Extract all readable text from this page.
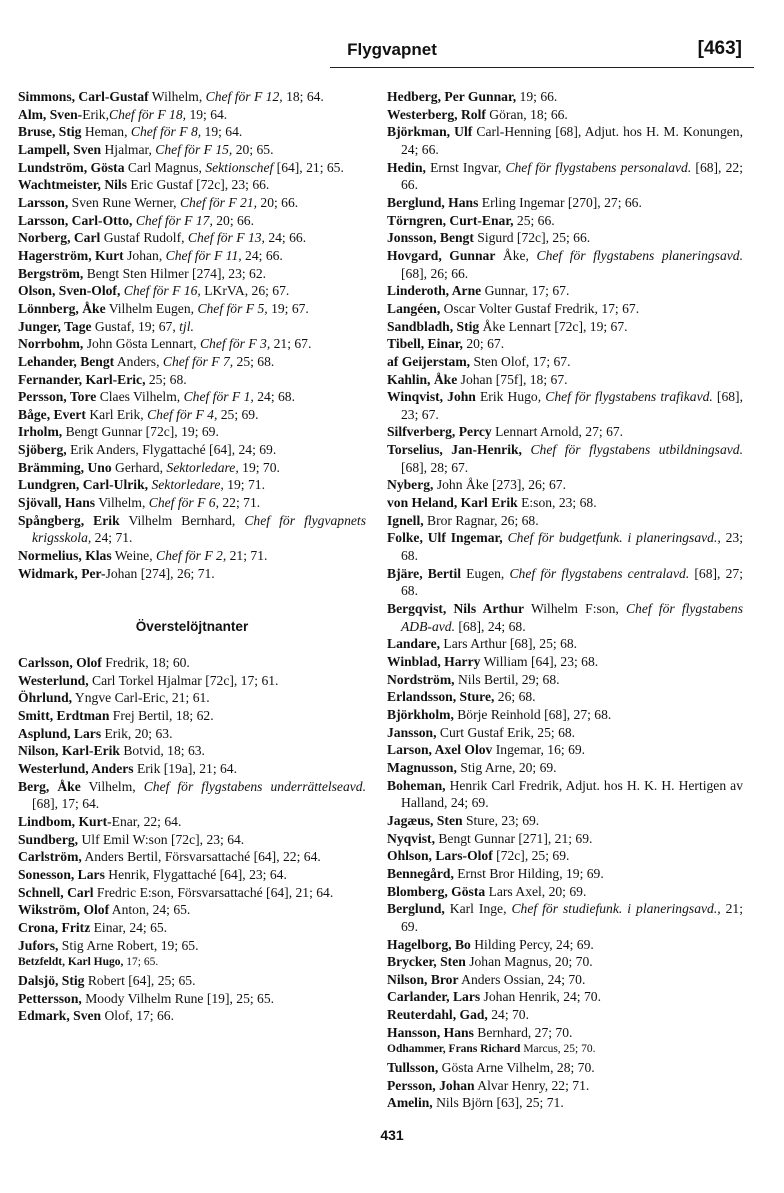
Flygvapnet	[463]
Simmons, Carl-Gustaf Wilhelm, Chef för F 12, 18; 64.
Alm, Sven-Erik,Chef för F 18, 19; 64.
Bruse, Stig Heman, Chef för F 8, 19; 64.
Lampell, Sven Hjalmar, Chef för F 15, 20; 65.
Lundström, Gösta Carl Magnus, Sektionschef [64], 21; 65.
Wachtmeister, Nils Eric Gustaf [72c], 23; 66.
Larsson, Sven Rune Werner, Chef för F 21, 20; 66.
Larsson, Carl-Otto, Chef för F 17, 20; 66.
Norberg, Carl Gustaf Rudolf, Chef för F 13, 24; 66.
Hagerström, Kurt Johan, Chef för F 11, 24; 66.
Bergström, Bengt Sten Hilmer [274], 23; 62.
Olson, Sven-Olof, Chef för F 16, LKrVA, 26; 67.
Lönnberg, Åke Vilhelm Eugen, Chef för F 5, 19; 67.
Junger, Tage Gustaf, 19; 67, tjl.
Norrbohm, John Gösta Lennart, Chef för F 3, 21; 67.
Lehander, Bengt Anders, Chef för F 7, 25; 68.
Fernander, Karl-Eric, 25; 68.
Persson, Tore Claes Vilhelm, Chef för F 1, 24; 68.
Båge, Evert Karl Erik, Chef för F 4, 25; 69.
Irholm, Bengt Gunnar [72c], 19; 69.
Sjöberg, Erik Anders, Flygattaché [64], 24; 69.
Brämming, Uno Gerhard, Sektorledare, 19; 70.
Lundgren, Carl-Ulrik, Sektorledare, 19; 71.
Sjövall, Hans Vilhelm, Chef för F 6, 22; 71.
Spångberg, Erik Vilhelm Bernhard, Chef för flygvapnets krigsskola, 24; 71.
Normelius, Klas Weine, Chef för F 2, 21; 71.
Widmark, Per-Johan [274], 26; 71.
Överstelöjtnanter
Carlsson, Olof Fredrik, 18; 60.
Westerlund, Carl Torkel Hjalmar [72c], 17; 61.
Öhrlund, Yngve Carl-Eric, 21; 61.
Smitt, Erdtman Frej Bertil, 18; 62.
Asplund, Lars Erik, 20; 63.
Nilson, Karl-Erik Botvid, 18; 63.
Westerlund, Anders Erik [19a], 21; 64.
Berg, Åke Vilhelm, Chef för flygstabens underrättelseavd. [68], 17; 64.
Lindbom, Kurt-Enar, 22; 64.
Sundberg, Ulf Emil W:son [72c], 23; 64.
Carlström, Anders Bertil, Försvarsattaché [64], 22; 64.
Sonesson, Lars Henrik, Flygattaché [64], 23; 64.
Schnell, Carl Fredric E:son, Försvarsattaché [64], 21; 64.
Wikström, Olof Anton, 24; 65.
Crona, Fritz Einar, 24; 65.
Jufors, Stig Arne Robert, 19; 65.
Betzfeldt, Karl Hugo, 17; 65.
Dalsjö, Stig Robert [64], 25; 65.
Pettersson, Moody Vilhelm Rune [19], 25; 65.
Edmark, Sven Olof, 17; 66.
Hedberg, Per Gunnar, 19; 66.
Westerberg, Rolf Göran, 18; 66.
Björkman, Ulf Carl-Henning [68], Adjut. hos H. M. Konungen, 24; 66.
Hedin, Ernst Ingvar, Chef för flygstabens personalavd. [68], 22; 66.
Berglund, Hans Erling Ingemar [270], 27; 66.
Törngren, Curt-Enar, 25; 66.
Jonsson, Bengt Sigurd [72c], 25; 66.
Hovgard, Gunnar Åke, Chef för flygstabens planeringsavd. [68], 26; 66.
Linderoth, Arne Gunnar, 17; 67.
Langéen, Oscar Volter Gustaf Fredrik, 17; 67.
Sandbladh, Stig Åke Lennart [72c], 19; 67.
Tibell, Einar, 20; 67.
af Geijerstam, Sten Olof, 17; 67.
Kahlin, Åke Johan [75f], 18; 67.
Winqvist, John Erik Hugo, Chef för flygstabens trafikavd. [68], 23; 67.
Silfverberg, Percy Lennart Arnold, 27; 67.
Torselius, Jan-Henrik, Chef för flygstabens utbildningsavd. [68], 28; 67.
Nyberg, John Åke [273], 26; 67.
von Heland, Karl Erik E:son, 23; 68.
Ignell, Bror Ragnar, 26; 68.
Folke, Ulf Ingemar, Chef för budgetfunk. i planeringsavd., 23; 68.
Bjäre, Bertil Eugen, Chef för flygstabens centralavd. [68], 27; 68.
Bergqvist, Nils Arthur Wilhelm F:son, Chef för flygstabens ADB-avd. [68], 24; 68.
Landare, Lars Arthur [68], 25; 68.
Winblad, Harry William [64], 23; 68.
Nordström, Nils Bertil, 29; 68.
Erlandsson, Sture, 26; 68.
Björkholm, Börje Reinhold [68], 27; 68.
Jansson, Curt Gustaf Erik, 25; 68.
Larson, Axel Olov Ingemar, 16; 69.
Magnusson, Stig Arne, 20; 69.
Boheman, Henrik Carl Fredrik, Adjut. hos H. K. H. Hertigen av Halland, 24; 69.
Jagæus, Sten Sture, 23; 69.
Nyqvist, Bengt Gunnar [271], 21; 69.
Ohlson, Lars-Olof [72c], 25; 69.
Bennegård, Ernst Bror Hilding, 19; 69.
Blomberg, Gösta Lars Axel, 20; 69.
Berglund, Karl Inge, Chef för studiefunk. i planeringsavd., 21; 69.
Hagelborg, Bo Hilding Percy, 24; 69.
Brycker, Sten Johan Magnus, 20; 70.
Nilson, Bror Anders Ossian, 24; 70.
Carlander, Lars Johan Henrik, 24; 70.
Reuterdahl, Gad, 24; 70.
Hansson, Hans Bernhard, 27; 70.
Odhammer, Frans Richard Marcus, 25; 70.
Tullsson, Gösta Arne Vilhelm, 28; 70.
Persson, Johan Alvar Henry, 22; 71.
Amelin, Nils Björn [63], 25; 71.
431
